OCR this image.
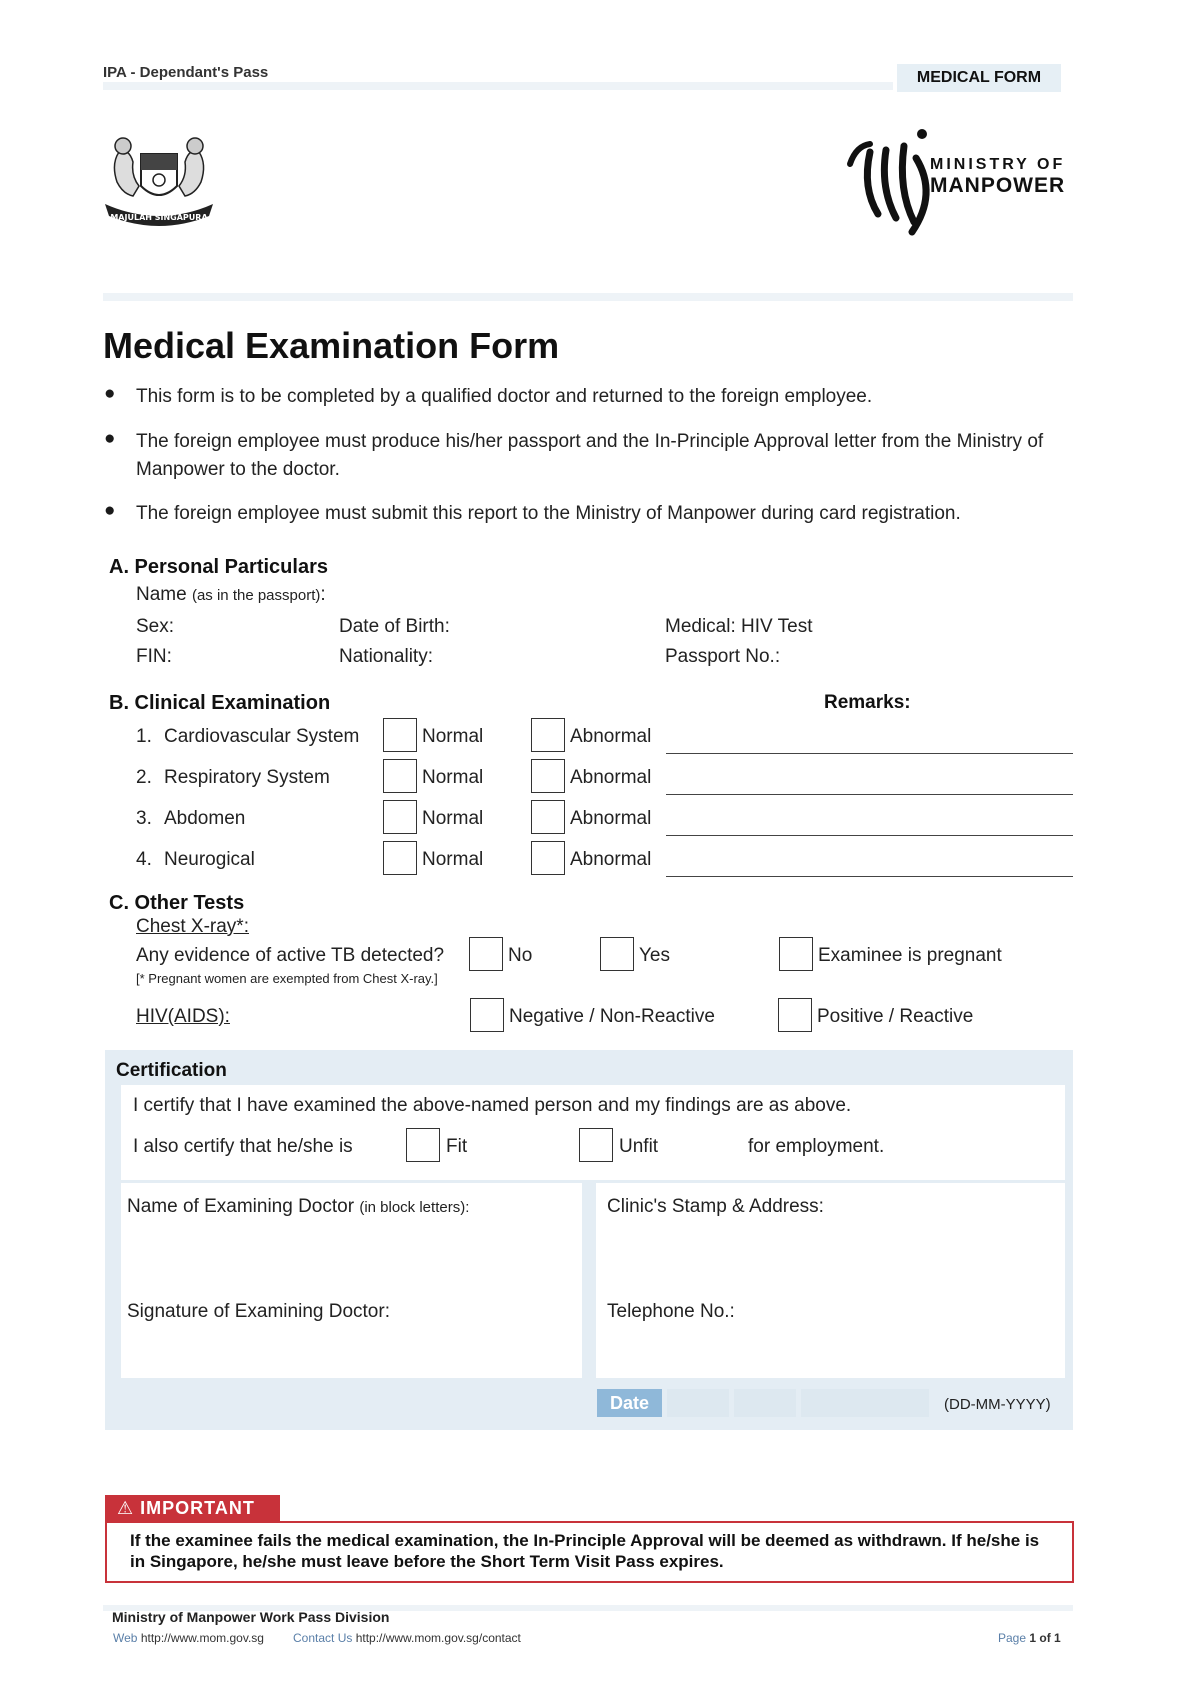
IPA - Dependant's Pass	MEDICAL FORM
MAJULAH SINGAPURA
MINISTRY OF
MANPOWER
Medical Examination Form
● This form is to be completed by a qualified doctor and returned to the foreign employee.
● The foreign employee must produce his/her passport and the In-Principle Approval letter from the Ministry of Manpower to the doctor.
● The foreign employee must submit this report to the Ministry of Manpower during card registration.
A. Personal Particulars
Name (as in the passport):
Sex:	Date of Birth:	Medical: HIV Test
FIN:	Nationality:	Passport No.:
B. Clinical Examination	Remarks:
1. Cardiovascular System	Normal	Abnormal
2. Respiratory System	Normal	Abnormal
3. Abdomen	Normal	Abnormal
4. Neurogical	Normal	Abnormal
C. Other Tests
Chest X-ray*:
Any evidence of active TB detected?	No	Yes	Examinee is pregnant
[* Pregnant women are exempted from Chest X-ray.]
HIV(AIDS):	Negative / Non-Reactive	Positive / Reactive
Certification
I certify that I have examined the above-named person and my findings are as above.
I also certify that he/she is	Fit	Unfit	for employment.
Name of Examining Doctor (in block letters):	Clinic's Stamp & Address:
Signature of Examining Doctor:	Telephone No.:
Date	(DD-MM-YYYY)
⚠ IMPORTANT
If the examinee fails the medical examination, the In-Principle Approval will be deemed as withdrawn. If he/she is in Singapore, he/she must leave before the Short Term Visit Pass expires.
Ministry of Manpower Work Pass Division
Web http://www.mom.gov.sg Contact Us http://www.mom.gov.sg/contact	Page 1 of 1
